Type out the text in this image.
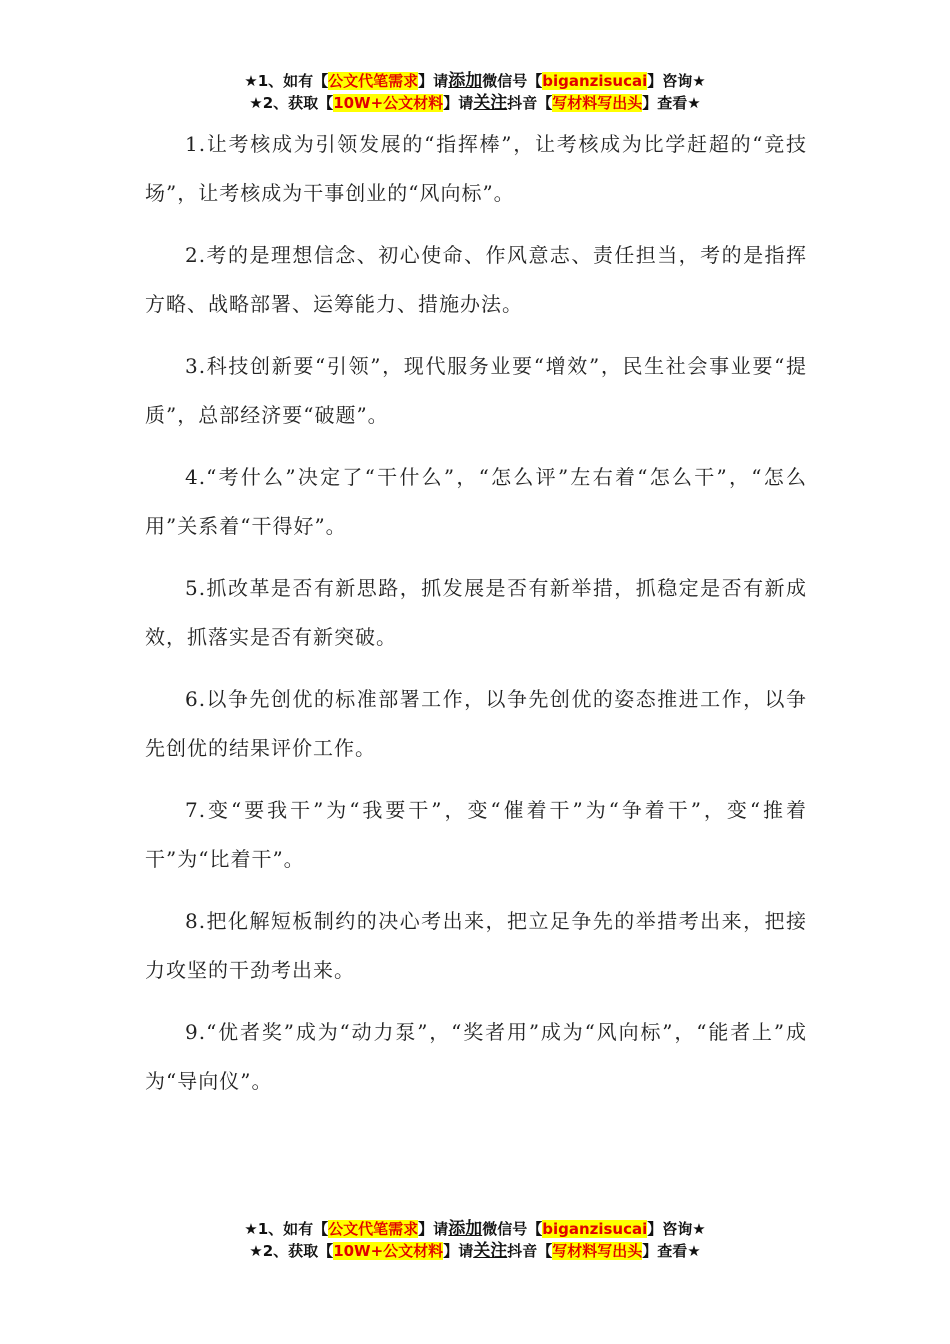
★1、如有【公文代笔需求】请添加微信号【biganzisucai】咨询★
★2、获取【10W+公文材料】请关注抖音【写材料写出头】查看★

1.让考核成为引领发展的“指挥棒”，让考核成为比学赶超的“竞技场”，让考核成为干事创业的“风向标”。

2.考的是理想信念、初心使命、作风意志、责任担当，考的是指挥方略、战略部署、运筹能力、措施办法。

3.科技创新要“引领”，现代服务业要“增效”，民生社会事业要“提质”，总部经济要“破题”。

4.“考什么”决定了“干什么”，“怎么评”左右着“怎么干”，“怎么用”关系着“干得好”。

5.抓改革是否有新思路，抓发展是否有新举措，抓稳定是否有新成效，抓落实是否有新突破。

6.以争先创优的标准部署工作，以争先创优的姿态推进工作，以争先创优的结果评价工作。

7.变“要我干”为“我要干”，变“催着干”为“争着干”，变“推着干”为“比着干”。

8.把化解短板制约的决心考出来，把立足争先的举措考出来，把接力攻坚的干劲考出来。

9.“优者奖”成为“动力泵”，“奖者用”成为“风向标”，“能者上”成为“导向仪”。

★1、如有【公文代笔需求】请添加微信号【biganzisucai】咨询★
★2、获取【10W+公文材料】请关注抖音【写材料写出头】查看★
